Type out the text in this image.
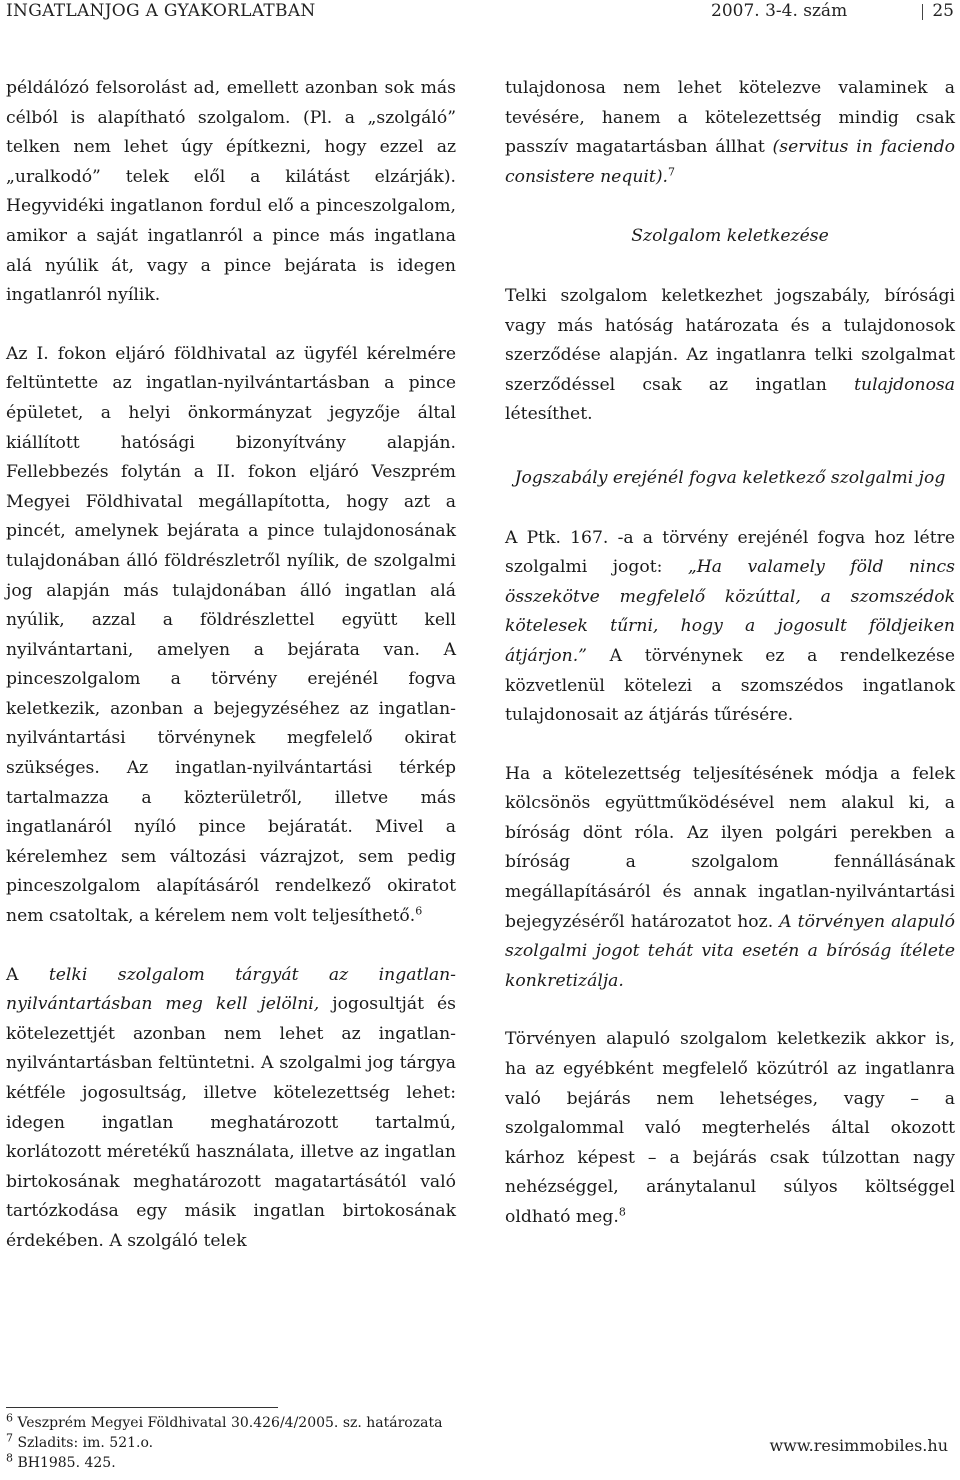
INGATLANJOG A GYAKORLATBAN	2007. 3-4. szám	25

példálózó felsorolást ad, emellett azonban sok más célból is alapítható szolgalom. (Pl. a „szolgáló” telken nem lehet úgy építkezni, hogy ezzel az „uralkodó” telek elől a kilátást elzárják). Hegyvidéki ingatlanon fordul elő a pinceszolgalom, amikor a saját ingatlanról a pince más ingatlana alá nyúlik át, vagy a pince bejárata is idegen ingatlanról nyílik.

Az I. fokon eljáró földhivatal az ügyfél kérelmére feltüntette az ingatlan-nyilvántartásban a pince épületet, a helyi önkormányzat jegyzője által kiállított hatósági bizonyítvány alapján. Fellebbezés folytán a II. fokon eljáró Veszprém Megyei Földhivatal megállapította, hogy azt a pincét, amelynek bejárata a pince tulajdonosának tulajdonában álló földrészletről nyílik, de szolgalmi jog alapján más tulajdonában álló ingatlan alá nyúlik, azzal a földrészlettel együtt kell nyilvántartani, amelyen a bejárata van. A pinceszolgalom a törvény erejénél fogva keletkezik, azonban a bejegyzéséhez az ingatlan-nyilvántartási törvénynek megfelelő okirat szükséges. Az ingatlan-nyilvántartási térkép tartalmazza a közterületről, illetve más ingatlanáról nyíló pince bejáratát. Mivel a kérelemhez sem változási vázrajzot, sem pedig pinceszolgalom alapításáról rendelkező okiratot nem csatoltak, a kérelem nem volt teljesíthető.$^6$

A telki szolgalom tárgyát az ingatlan-nyilvántartásban meg kell jelölni, jogosultját és kötelezettjét azonban nem lehet az ingatlan-nyilvántartásban feltüntetni. A szolgalmi jog tárgya kétféle jogosultság, illetve kötelezettség lehet: idegen ingatlan meghatározott tartalmú, korlátozott méretékű használata, illetve az ingatlan birtokosának meghatározott magatartásától való tartózkodása egy másik ingatlan birtokosának érdekében. A szolgáló telek

tulajdonosa nem lehet kötelezve valaminek a tevésére, hanem a kötelezettség mindig csak passzív magatartásban állhat (servitus in faciendo consistere nequit).$^7$

Szolgalom keletkezése

Telki szolgalom keletkezhet jogszabály, bírósági vagy más hatóság határozata és a tulajdonosok szerződése alapján. Az ingatlanra telki szolgalmat szerződéssel csak az ingatlan tulajdonosa létesíthet.

Jogszabály erejénél fogva keletkező szolgalmi jog

A Ptk. 167. -a a törvény erejénél fogva hoz létre szolgalmi jogot: „Ha valamely föld nincs összekötve megfelelő közúttal, a szomszédok kötelesek tűrni, hogy a jogosult földjeiken átjárjon.” A törvénynek ez a rendelkezése közvetlenül kötelezi a szomszédos ingatlanok tulajdonosait az átjárás tűrésére.

Ha a kötelezettség teljesítésének módja a felek kölcsönös együttműködésével nem alakul ki, a bíróság dönt róla. Az ilyen polgári perekben a bíróság a szolgalom fennállásának megállapításáról és annak ingatlan-nyilvántartási bejegyzéséről határozatot hoz. A törvényen alapuló szolgalmi jogot tehát vita esetén a bíróság ítélete konkretizálja.

Törvényen alapuló szolgalom keletkezik akkor is, ha az egyébként megfelelő közútról az ingatlanra való bejárás nem lehetséges, vagy – a szolgalommal való megterhelés által okozott kárhoz képest – a bejárás csak túlzottan nagy nehézséggel, aránytalanul súlyos költséggel oldható meg.$^8$

$^6$ Veszprém Megyei Földhivatal 30.426/4/2005. sz. határozata
$^7$ Szladits: im. 521.o.
$^8$ BH1985. 425.
www.resimmobiles.hu
